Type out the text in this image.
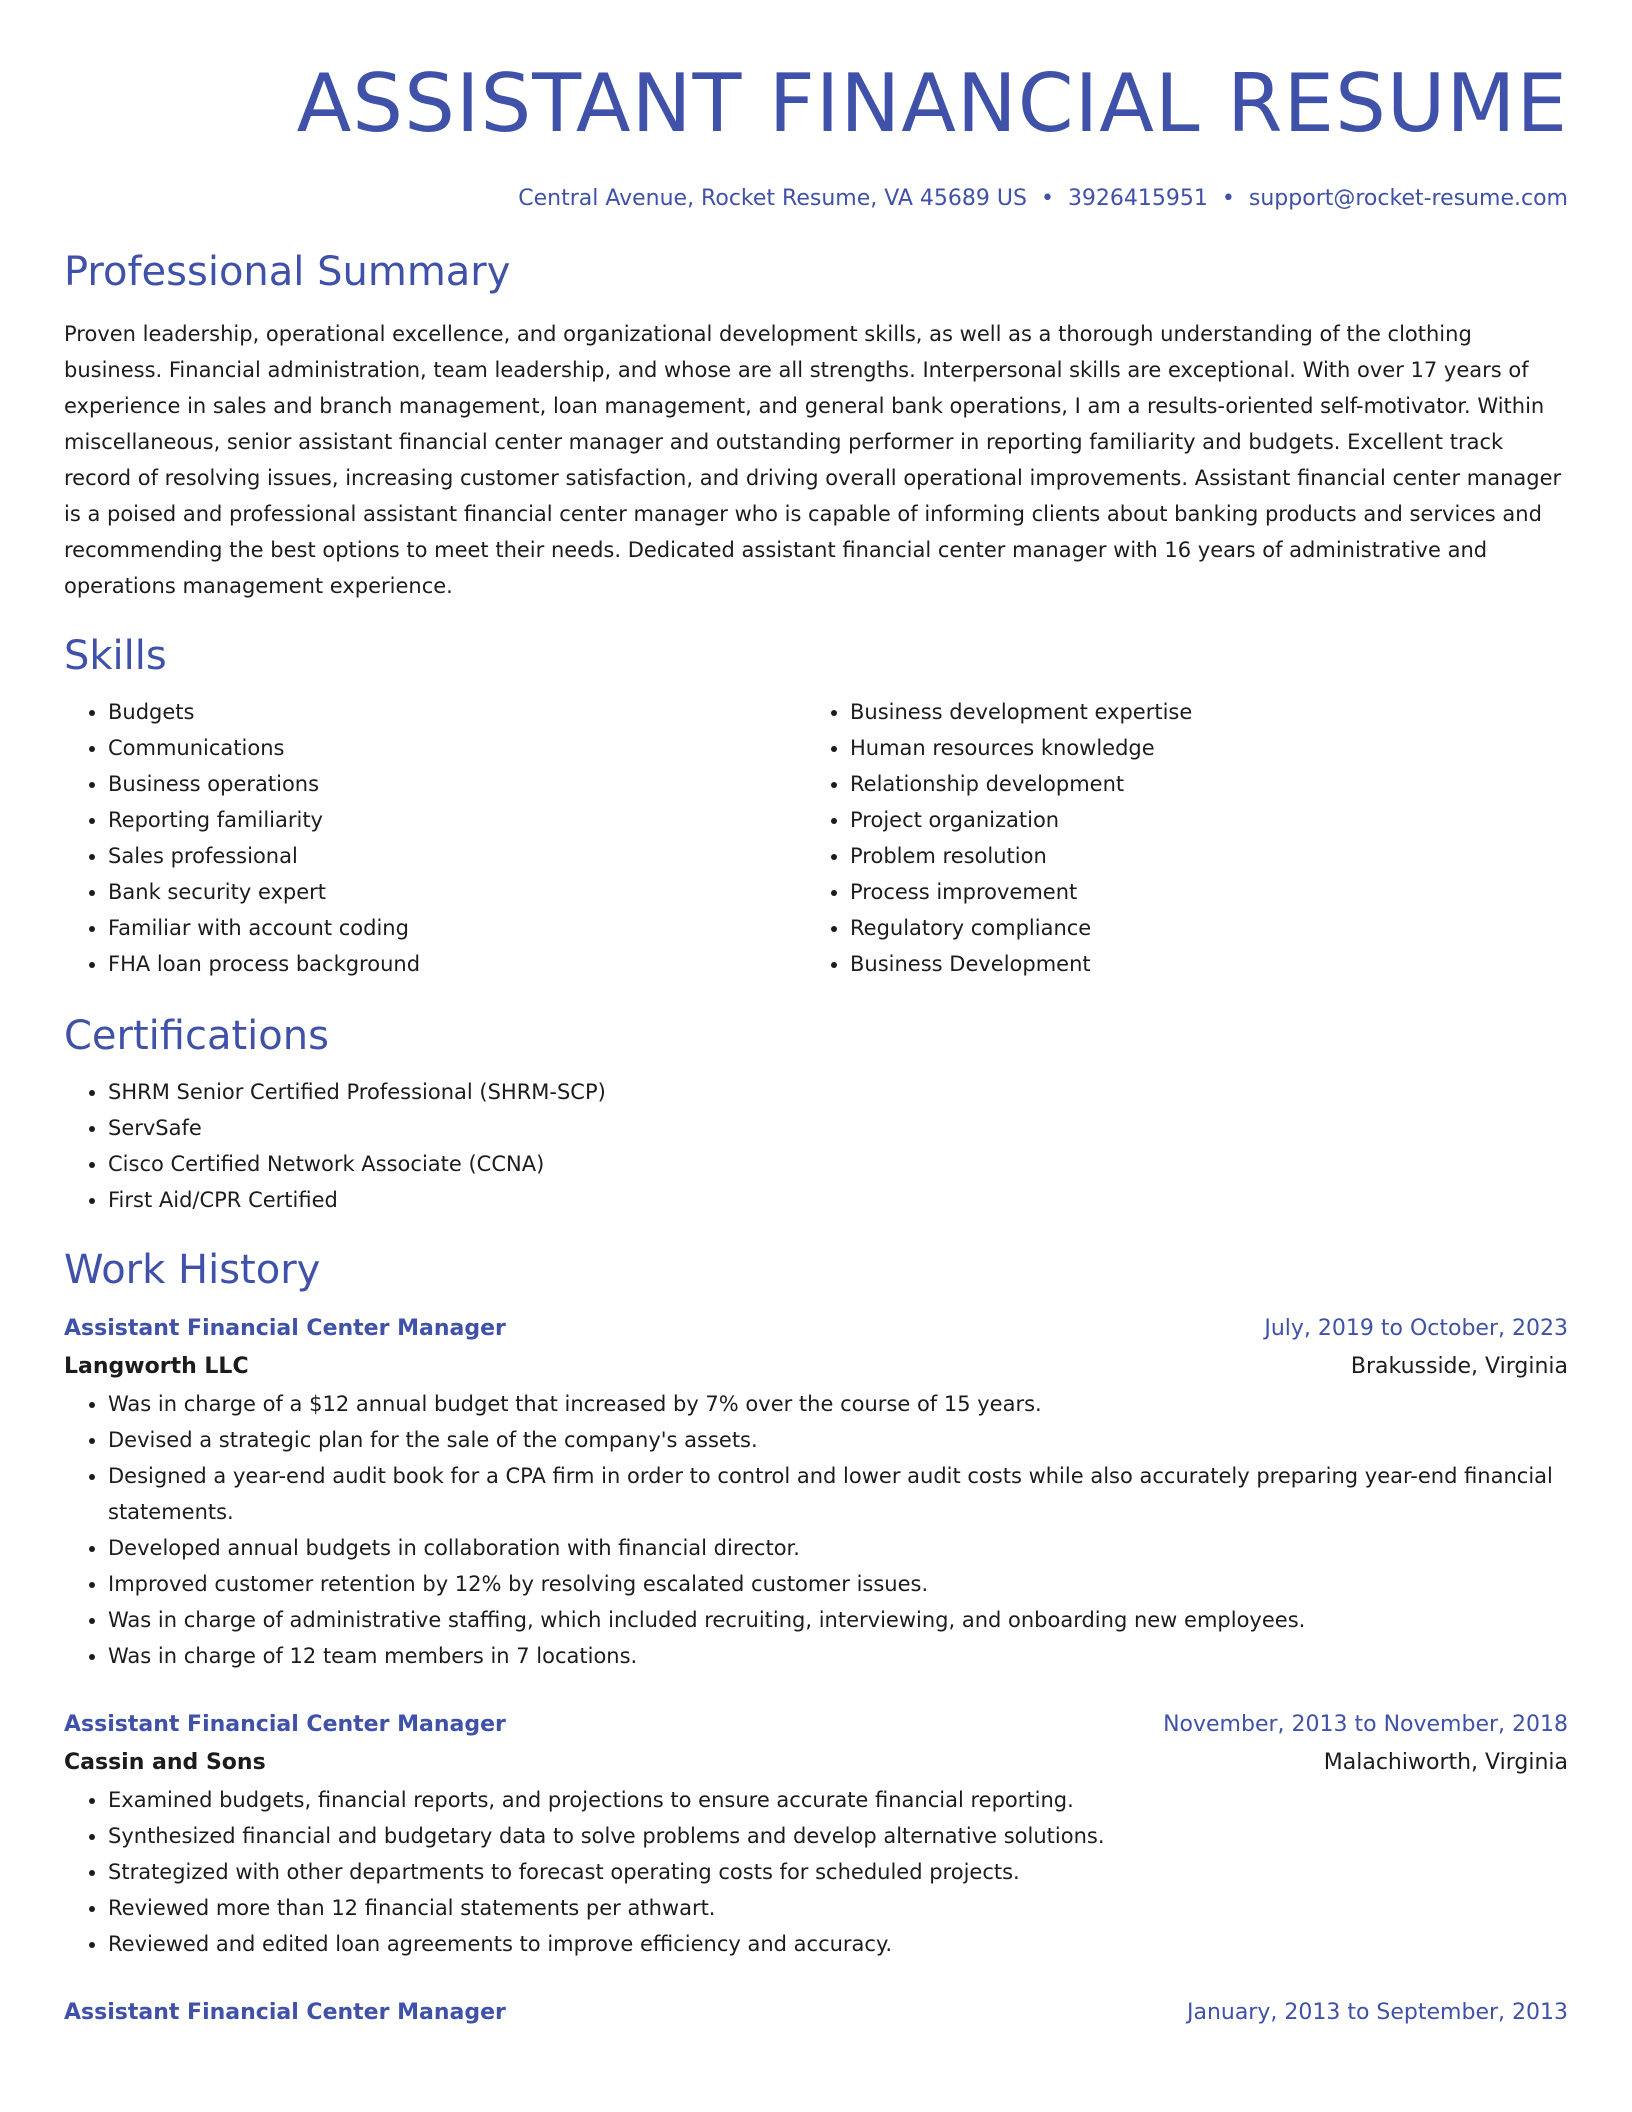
ASSISTANT FINANCIAL RESUME
Central Avenue, Rocket Resume, VA 45689 US • 3926415951 • support@rocket-resume.com
Professional Summary

Proven leadership, operational excellence, and organizational development skills, as well as a thorough understanding of the clothing business. Financial administration, team leadership, and whose are all strengths. Interpersonal skills are exceptional. With over 17 years of experience in sales and branch management, loan management, and general bank operations, I am a results-oriented self-motivator. Within miscellaneous, senior assistant financial center manager and outstanding performer in reporting familiarity and budgets. Excellent track record of resolving issues, increasing customer satisfaction, and driving overall operational improvements. Assistant financial center manager is a poised and professional assistant financial center manager who is capable of informing clients about banking products and services and recommending the best options to meet their needs. Dedicated assistant financial center manager with 16 years of administrative and operations management experience.

Skills
• Budgets
• Communications
• Business operations
• Reporting familiarity
• Sales professional
• Bank security expert
• Familiar with account coding
• FHA loan process background
• Business development expertise
• Human resources knowledge
• Relationship development
• Project organization
• Problem resolution
• Process improvement
• Regulatory compliance
• Business Development
Certifications
• SHRM Senior Certified Professional (SHRM-SCP)
• ServSafe
• Cisco Certified Network Associate (CCNA)
• First Aid/CPR Certified
Work History
Assistant Financial Center Manager	July, 2019 to October, 2023
Langworth LLC	Brakusside, Virginia
• Was in charge of a $12 annual budget that increased by 7% over the course of 15 years.
• Devised a strategic plan for the sale of the company's assets.
• Designed a year-end audit book for a CPA firm in order to control and lower audit costs while also accurately preparing year-end financial statements.
• Developed annual budgets in collaboration with financial director.
• Improved customer retention by 12% by resolving escalated customer issues.
• Was in charge of administrative staffing, which included recruiting, interviewing, and onboarding new employees.
• Was in charge of 12 team members in 7 locations.
Assistant Financial Center Manager	November, 2013 to November, 2018
Cassin and Sons	Malachiworth, Virginia
• Examined budgets, financial reports, and projections to ensure accurate financial reporting.
• Synthesized financial and budgetary data to solve problems and develop alternative solutions.
• Strategized with other departments to forecast operating costs for scheduled projects.
• Reviewed more than 12 financial statements per athwart.
• Reviewed and edited loan agreements to improve efficiency and accuracy.
Assistant Financial Center Manager	January, 2013 to September, 2013
